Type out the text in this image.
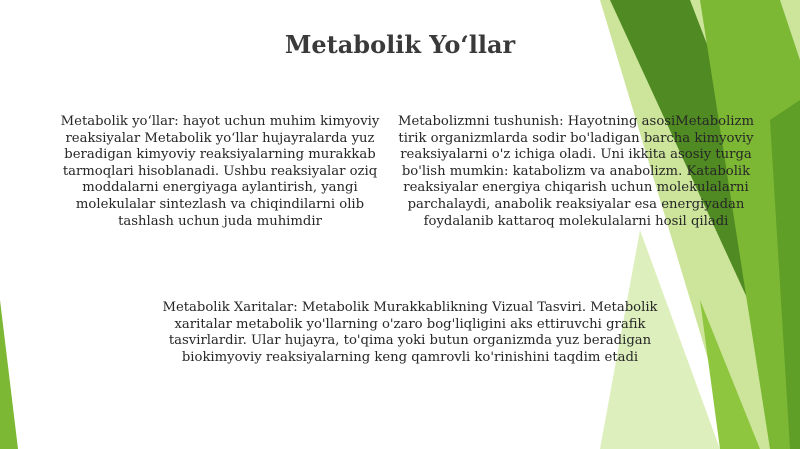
Metabolik Yo‘llar

Metabolik yo‘llar: hayot uchun muhim kimyoviy reaksiyalar Metabolik yo‘llar hujayralarda yuz beradigan kimyoviy reaksiyalarning murakkab tarmoqlari hisoblanadi. Ushbu reaksiyalar oziq moddalarni energiyaga aylantirish, yangi molekulalar sintezlash va chiqindilarni olib tashlash uchun juda muhimdir

Metabolizmni tushunish: Hayotning asosiMetabolizm tirik organizmlarda sodir bo'ladigan barcha kimyoviy reaksiyalarni o'z ichiga oladi. Uni ikkita asosiy turga bo'lish mumkin: katabolizm va anabolizm. Katabolik reaksiyalar energiya chiqarish uchun molekulalarni parchalaydi, anabolik reaksiyalar esa energiyadan foydalanib kattaroq molekulalarni hosil qiladi

Metabolik Xaritalar: Metabolik Murakkablikning Vizual Tasviri. Metabolik xaritalar metabolik yo'llarning o'zaro bog'liqligini aks ettiruvchi grafik tasvirlardir. Ular hujayra, to'qima yoki butun organizmda yuz beradigan biokimyoviy reaksiyalarning keng qamrovli ko'rinishini taqdim etadi
